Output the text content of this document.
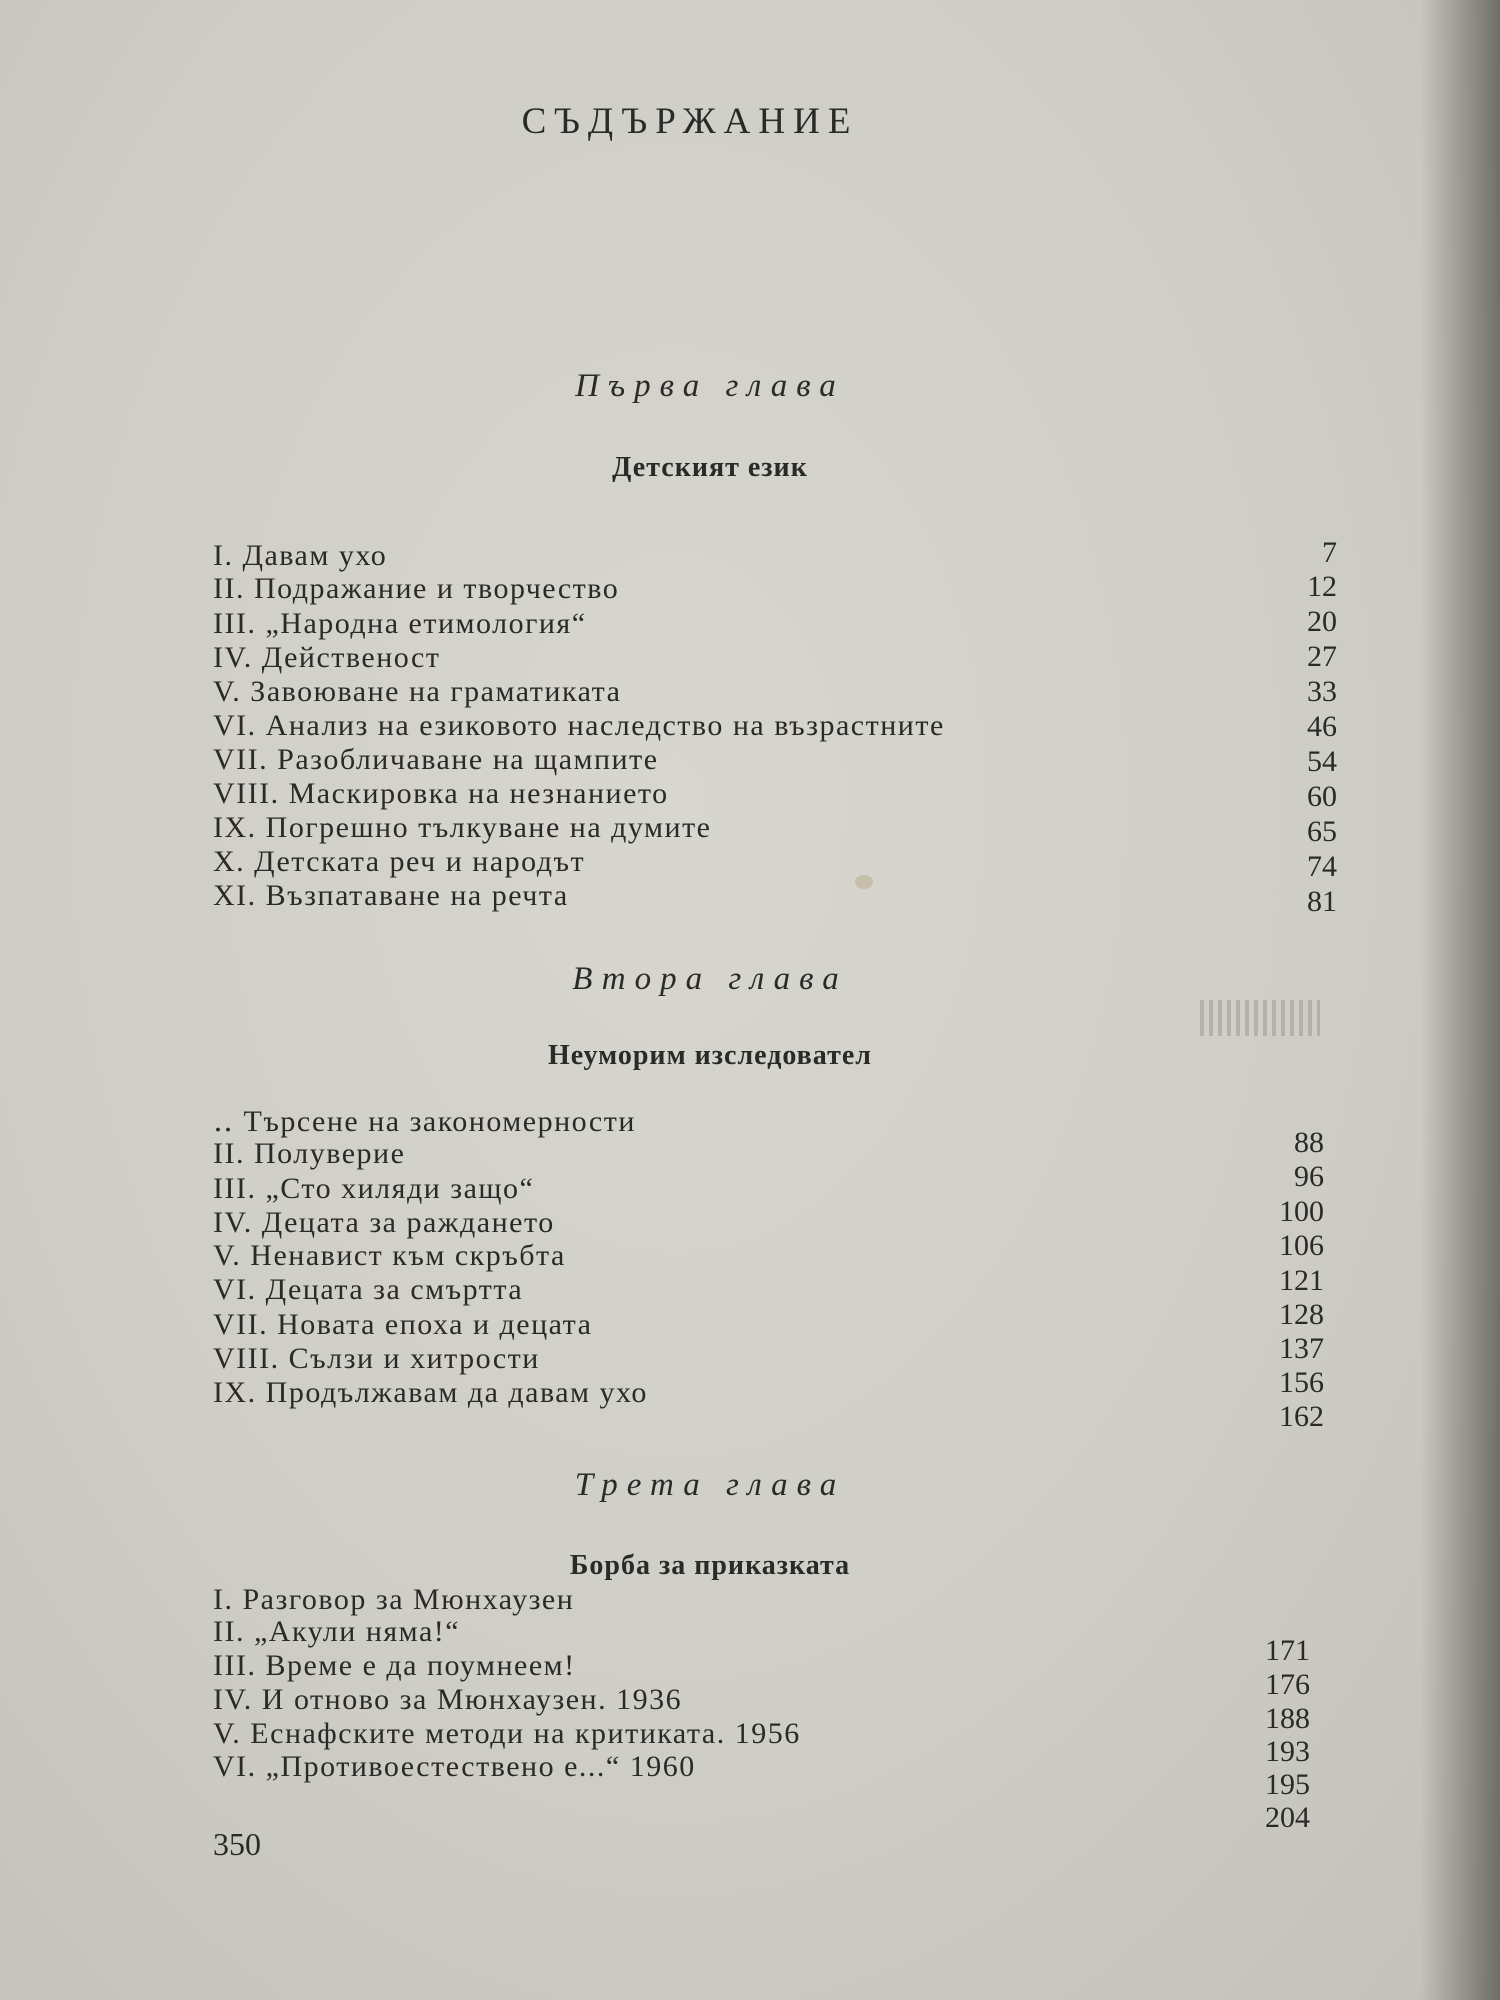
СЪДЪРЖАНИЕ
Първа глава
Детският език
I. Давам ухо
II. Подражание и творчество
III. „Народна етимология“
IV. Действеност
V. Завоюване на граматиката
VI. Анализ на езиковото наследство на възрастните
VII. Разобличаване на щампите
VIII. Маскировка на незнанието
IX. Погрешно тълкуване на думите
X. Детската реч и народът
XI. Възпатаване на речта
7
12
20
27
33
46
54
60
65
74
81
Втора глава
Неуморим изследовател
‥ Търсене на закономерности
II. Полуверие
III. „Сто хиляди защо“
IV. Децата за раждането
V. Ненавист към скръбта
VI. Децата за смъртта
VII. Новата епоха и децата
VIII. Сълзи и хитрости
IX. Продължавам да давам ухо
88
96
100
106
121
128
137
156
162
Трета глава
Борба за приказката
I. Разговор за Мюнхаузен
II. „Акули няма!“
III. Време е да поумнеем!
IV. И отново за Мюнхаузен. 1936
V. Еснафските методи на критиката. 1956
VI. „Противоестествено е...“ 1960
171
176
188
193
195
204
350
